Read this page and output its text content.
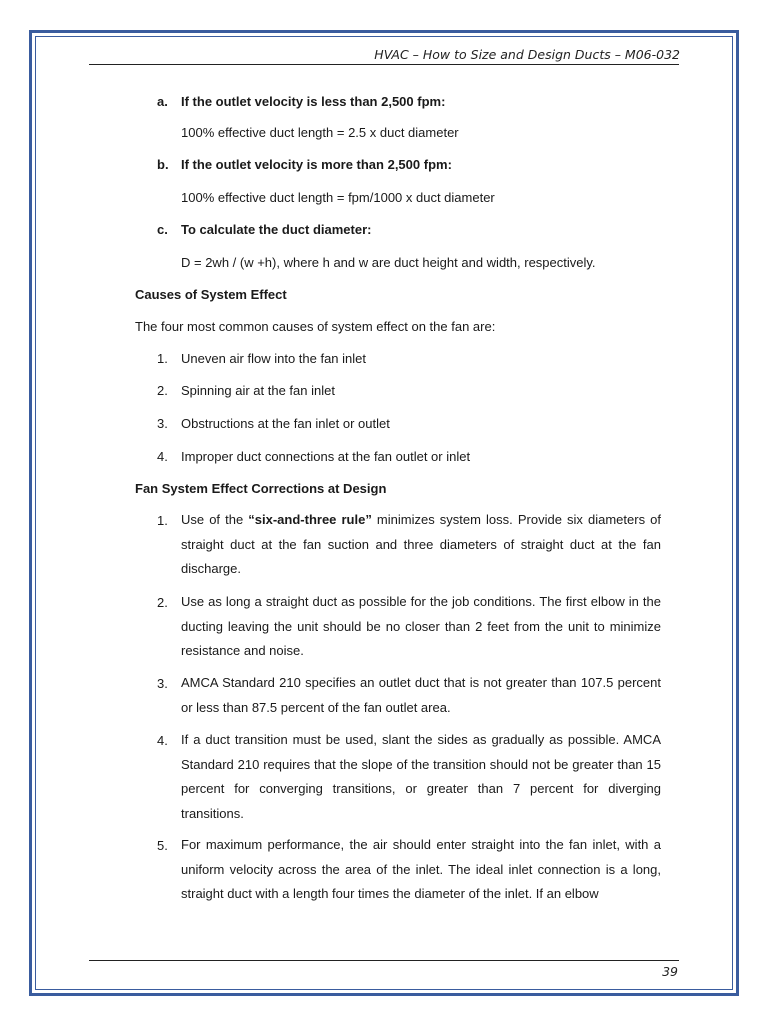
HVAC – How to Size and Design Ducts – M06-032
a. If the outlet velocity is less than 2,500 fpm:
100% effective duct length = 2.5 x duct diameter
b. If the outlet velocity is more than 2,500 fpm:
100% effective duct length = fpm/1000 x duct diameter
c. To calculate the duct diameter:
D = 2wh / (w +h), where h and w are duct height and width, respectively.
Causes of System Effect
The four most common causes of system effect on the fan are:
1. Uneven air flow into the fan inlet
2. Spinning air at the fan inlet
3. Obstructions at the fan inlet or outlet
4. Improper duct connections at the fan outlet or inlet
Fan System Effect Corrections at Design
1. Use of the “six-and-three rule” minimizes system loss. Provide six diameters of straight duct at the fan suction and three diameters of straight duct at the fan discharge.
2. Use as long a straight duct as possible for the job conditions. The first elbow in the ducting leaving the unit should be no closer than 2 feet from the unit to minimize resistance and noise.
3. AMCA Standard 210 specifies an outlet duct that is not greater than 107.5 percent or less than 87.5 percent of the fan outlet area.
4. If a duct transition must be used, slant the sides as gradually as possible. AMCA Standard 210 requires that the slope of the transition should not be greater than 15 percent for converging transitions, or greater than 7 percent for diverging transitions.
5. For maximum performance, the air should enter straight into the fan inlet, with a uniform velocity across the area of the inlet. The ideal inlet connection is a long, straight duct with a length four times the diameter of the inlet. If an elbow
39
